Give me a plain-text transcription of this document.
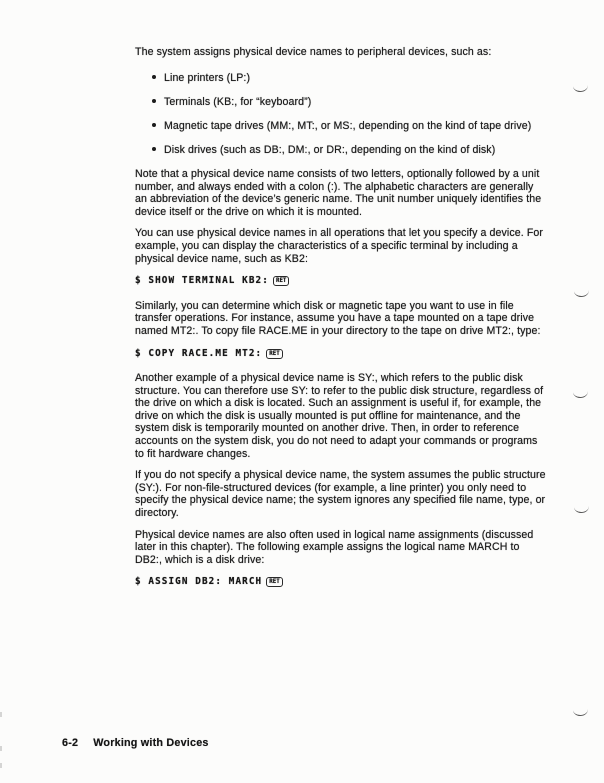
The system assigns physical device names to peripheral devices, such as:

Line printers (LP:)
Terminals (KB:, for “keyboard”)
Magnetic tape drives (MM:, MT:, or MS:, depending on the kind of tape drive)
Disk drives (such as DB:, DM:, or DR:, depending on the kind of disk)

Note that a physical device name consists of two letters, optionally followed by a unit number, and always ended with a colon (:). The alphabetic characters are generally an abbreviation of the device’s generic name. The unit number uniquely identifies the device itself or the drive on which it is mounted.

You can use physical device names in all operations that let you specify a device. For example, you can display the characteristics of a specific terminal by including a physical device name, such as KB2:

$ SHOW TERMINAL KB2: RET

Similarly, you can determine which disk or magnetic tape you want to use in file transfer operations. For instance, assume you have a tape mounted on a tape drive named MT2:. To copy file RACE.ME in your directory to the tape on drive MT2:, type:

$ COPY RACE.ME MT2: RET

Another example of a physical device name is SY:, which refers to the public disk structure. You can therefore use SY: to refer to the public disk structure, regardless of the drive on which a disk is located. Such an assignment is useful if, for example, the drive on which the disk is usually mounted is put offline for maintenance, and the system disk is temporarily mounted on another drive. Then, in order to reference accounts on the system disk, you do not need to adapt your commands or programs to fit hardware changes.

If you do not specify a physical device name, the system assumes the public structure (SY:). For non-file-structured devices (for example, a line printer) you only need to specify the physical device name; the system ignores any specified file name, type, or directory.

Physical device names are also often used in logical name assignments (discussed later in this chapter). The following example assigns the logical name MARCH to DB2:, which is a disk drive:

$ ASSIGN DB2: MARCH RET
6-2 Working with Devices
